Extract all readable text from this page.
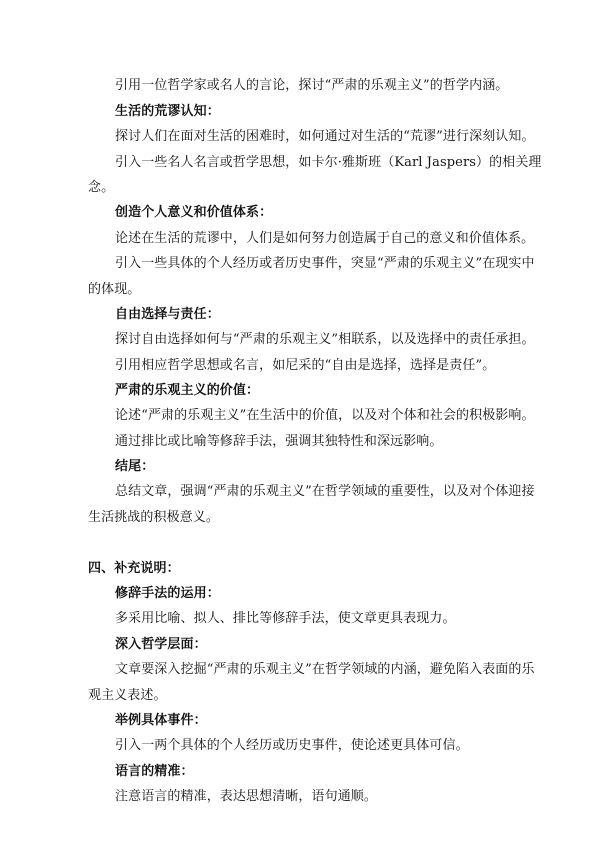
引用一位哲学家或名人的言论，探讨“严肃的乐观主义”的哲学内涵。
生活的荒谬认知：
探讨人们在面对生活的困难时，如何通过对生活的“荒谬”进行深刻认知。
引入一些名人名言或哲学思想，如卡尔·雅斯班（Karl Jaspers）的相关理
念。
创造个人意义和价值体系：
论述在生活的荒谬中，人们是如何努力创造属于自己的意义和价值体系。
引入一些具体的个人经历或者历史事件，突显“严肃的乐观主义”在现实中
的体现。
自由选择与责任：
探讨自由选择如何与“严肃的乐观主义”相联系，以及选择中的责任承担。
引用相应哲学思想或名言，如尼采的“自由是选择，选择是责任”。
严肃的乐观主义的价值：
论述“严肃的乐观主义”在生活中的价值，以及对个体和社会的积极影响。
通过排比或比喻等修辞手法，强调其独特性和深远影响。
结尾：
总结文章，强调“严肃的乐观主义”在哲学领域的重要性，以及对个体迎接
生活挑战的积极意义。
四、补充说明：
修辞手法的运用：
多采用比喻、拟人、排比等修辞手法，使文章更具表现力。
深入哲学层面：
文章要深入挖掘“严肃的乐观主义”在哲学领域的内涵，避免陷入表面的乐
观主义表述。
举例具体事件：
引入一两个具体的个人经历或历史事件，使论述更具体可信。
语言的精准：
注意语言的精准，表达思想清晰，语句通顺。
